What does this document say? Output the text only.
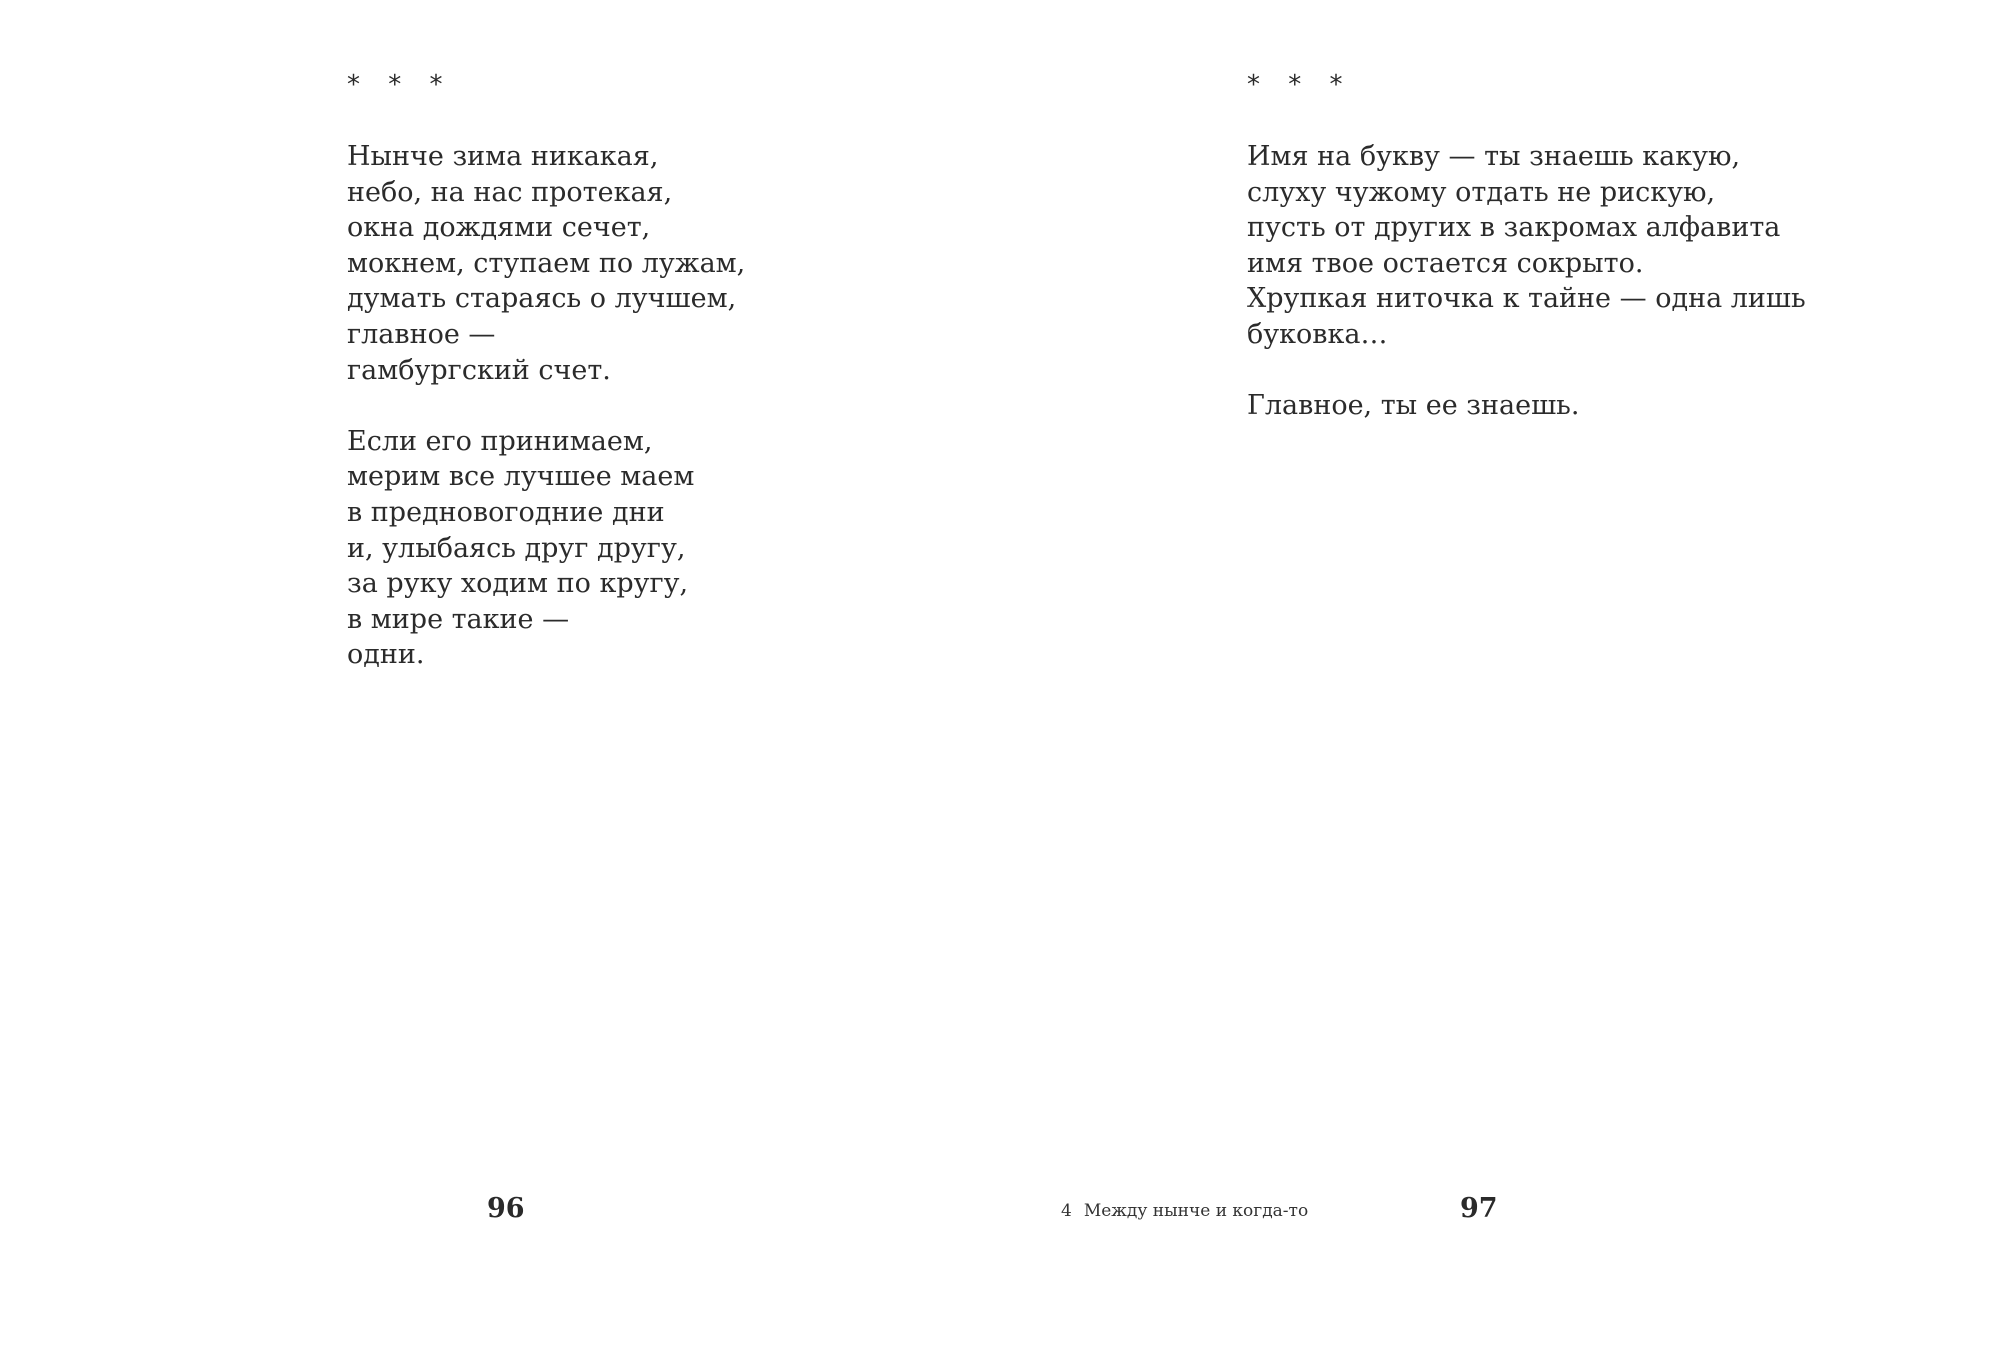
* * *
Нынче зима никакая,
небо, на нас протекая,
окна дождями сечет,
мокнем, ступаем по лужам,
думать стараясь о лучшем,
главное —
гамбургский счет.
Если его принимаем,
мерим все лучшее маем
в предновогодние дни
и, улыбаясь друг другу,
за руку ходим по кругу,
в мире такие —
одни.
96
* * *
Имя на букву — ты знаешь какую,
слуху чужому отдать не рискую,
пусть от других в закромах алфавита
имя твое остается сокрыто.
Хрупкая ниточка к тайне — одна лишь
буковка…
Главное, ты ее знаешь.
97
4 Между нынче и когда-то
